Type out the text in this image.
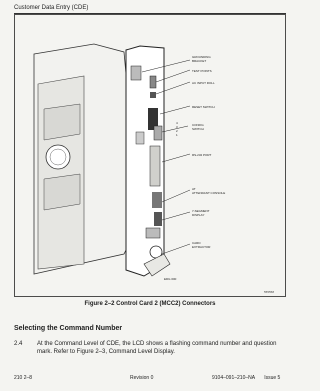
Customer Data Entry (CDE)
GROUNDING
BRACKET
TEST POINTS
AC INPUT ROLL
RESET SWITCH
4
3
2
1
CONFIG
SWITCH
RS-232 PORT
AT
ATTENDANT CONSOLE
7-SEGMENT
DISPLAY
CARD
EXTRACTOR
EDG 000
555558
Figure 2–2 Control Card 2 (MCC2) Connectors
Selecting the Command Number
2.4 At the Command Level of CDE, the LCD shows a flashing command number and question mark. Refer to Figure 2–3, Command Level Display.
210 2–8	Revision 0	9104–091–210–NA Issue 5
